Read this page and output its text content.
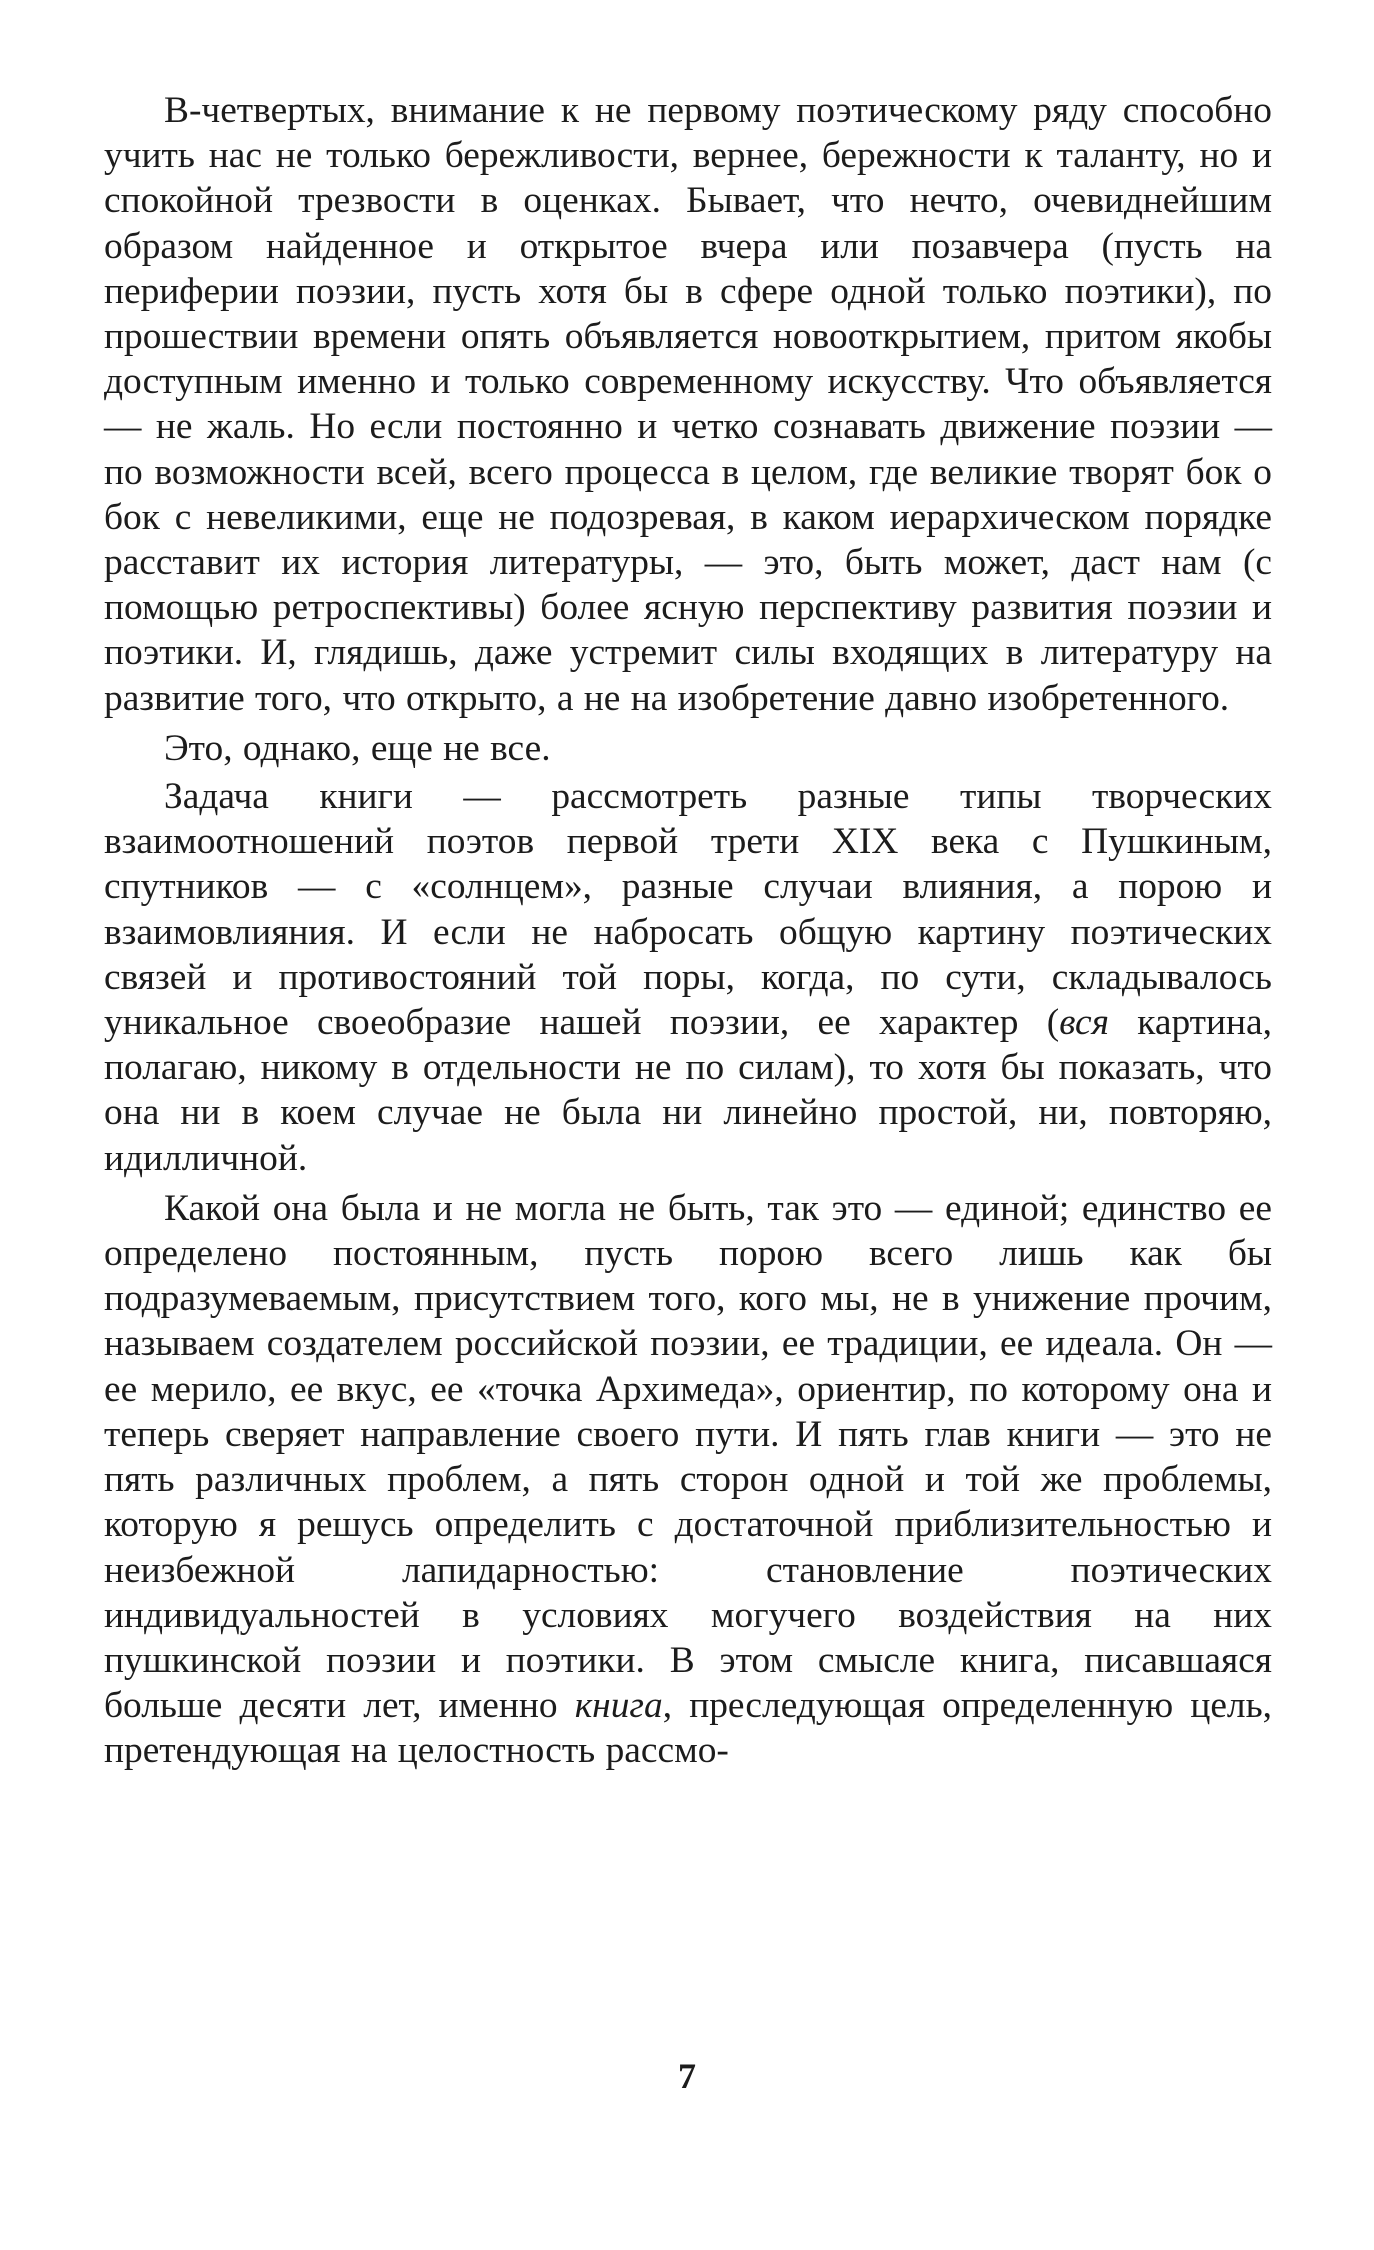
В-четвертых, внимание к не первому поэтическому ряду способно учить нас не только бережливости, вернее, бережности к таланту, но и спокойной трезвости в оценках. Бывает, что нечто, очевиднейшим образом найденное и открытое вчера или позавчера (пусть на периферии поэзии, пусть хотя бы в сфере одной только поэтики), по прошествии времени опять объявляется новооткрытием, притом якобы доступным именно и только современному искусству. Что объявляется — не жаль. Но если постоянно и четко сознавать движение поэзии — по возможности всей, всего процесса в целом, где великие творят бок о бок с невеликими, еще не подозревая, в каком иерархическом порядке расставит их история литературы, — это, быть может, даст нам (с помощью ретроспективы) более ясную перспективу развития поэзии и поэтики. И, глядишь, даже устремит силы входящих в литературу на развитие того, что открыто, а не на изобретение давно изобретенного.

Это, однако, еще не все.

Задача книги — рассмотреть разные типы творческих взаимоотношений поэтов первой трети XIX века с Пушкиным, спутников — с «солнцем», разные случаи влияния, а порою и взаимовлияния. И если не набросать общую картину поэтических связей и противостояний той поры, когда, по сути, складывалось уникальное своеобразие нашей поэзии, ее характер (вся картина, полагаю, никому в отдельности не по силам), то хотя бы показать, что она ни в коем случае не была ни линейно простой, ни, повторяю, идилличной.

Какой она была и не могла не быть, так это — единой; единство ее определено постоянным, пусть порою всего лишь как бы подразумеваемым, присутствием того, кого мы, не в унижение прочим, называем создателем российской поэзии, ее традиции, ее идеала. Он — ее мерило, ее вкус, ее «точка Архимеда», ориентир, по которому она и теперь сверяет направление своего пути. И пять глав книги — это не пять различных проблем, а пять сторон одной и той же проблемы, которую я решусь определить с достаточной приблизительностью и неизбежной лапидарностью: становление поэтических индивидуальностей в условиях могучего воздействия на них пушкинской поэзии и поэтики. В этом смысле книга, писавшаяся больше десяти лет, именно книга, преследующая определенную цель, претендующая на целостность рассмо-

7
